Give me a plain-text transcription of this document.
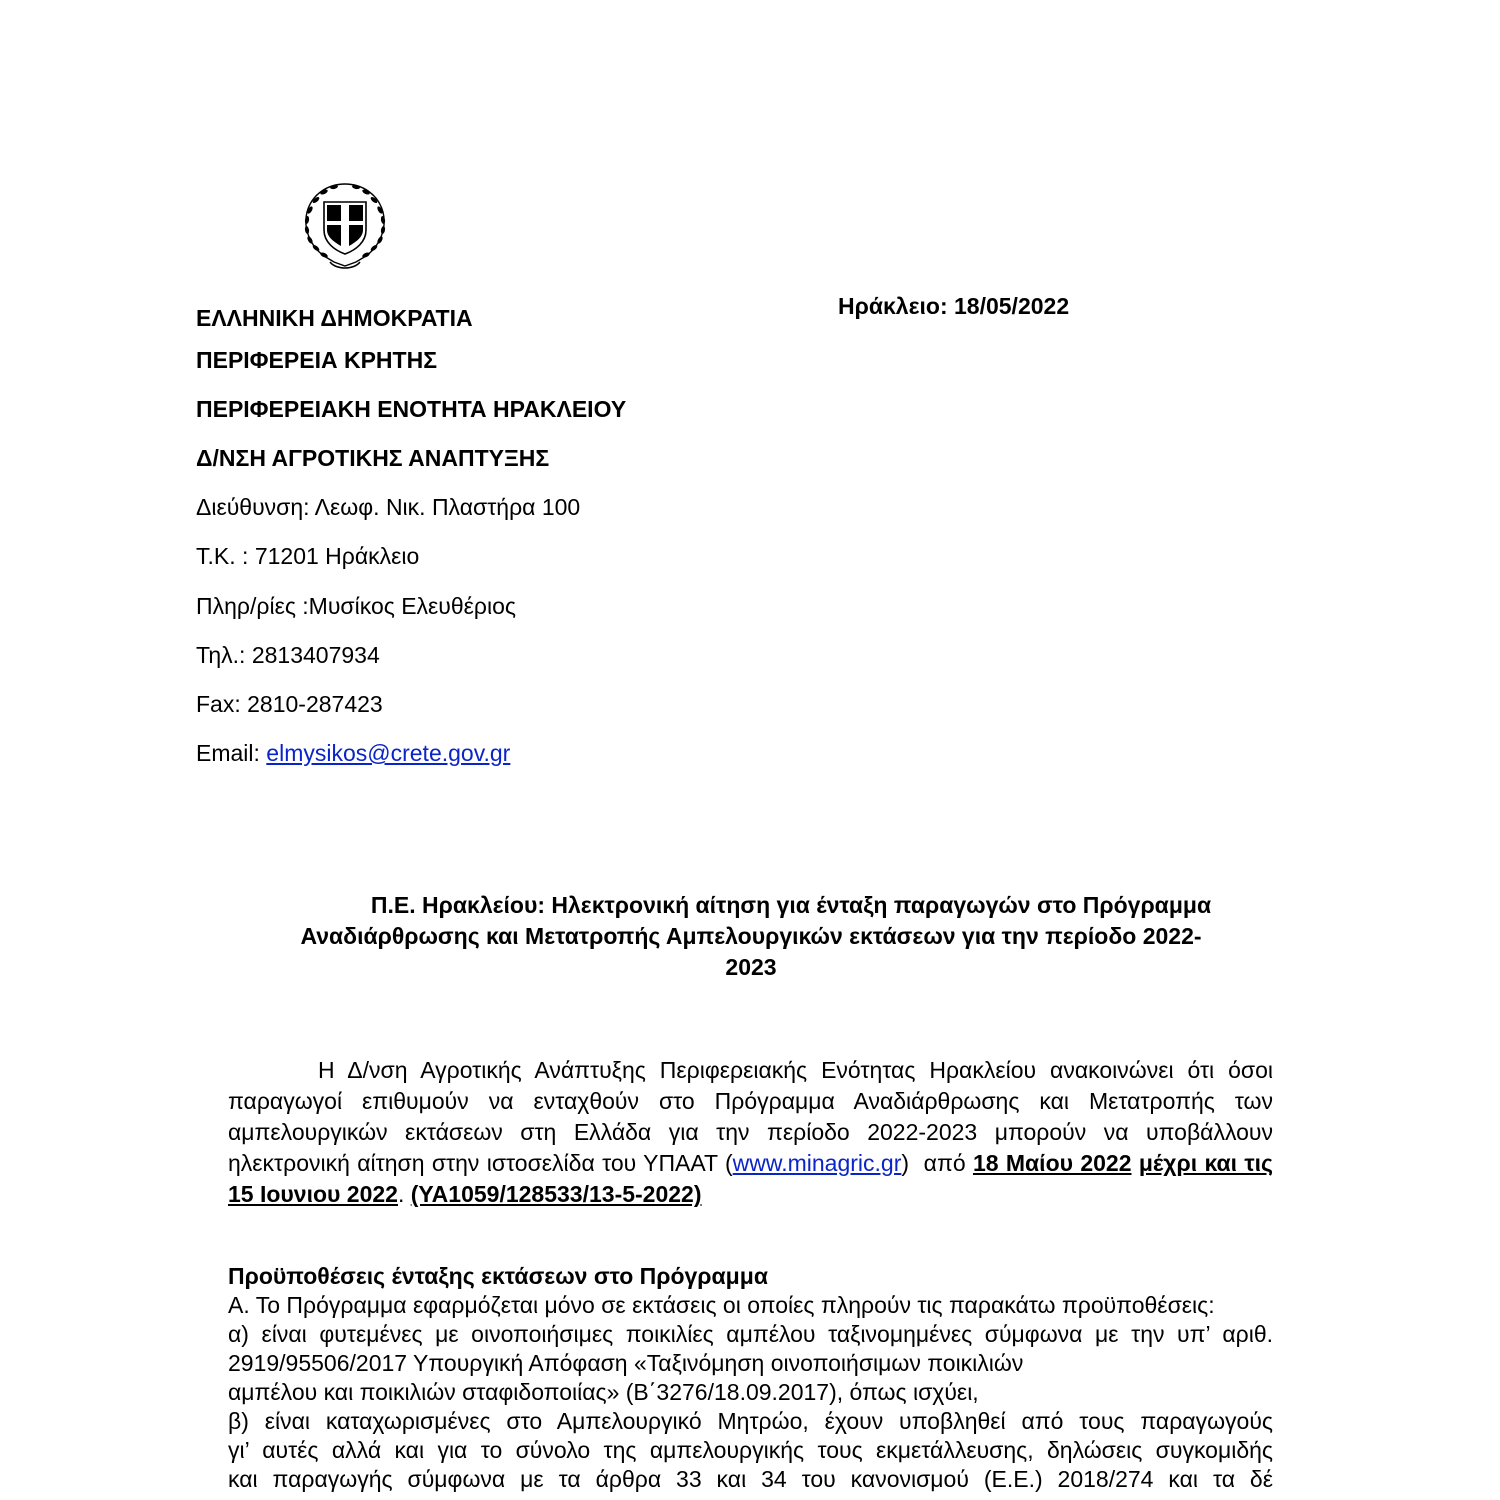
Ηράκλειο: 18/05/2022
ΕΛΛΗΝΙΚΗ ΔΗΜΟΚΡΑΤΙΑ
ΠΕΡΙΦΕΡΕΙΑ ΚΡΗΤΗΣ
ΠΕΡΙΦΕΡΕΙΑΚΗ ΕΝΟΤΗΤΑ ΗΡΑΚΛΕΙΟΥ
Δ/ΝΣΗ ΑΓΡΟΤΙΚΗΣ ΑΝΑΠΤΥΞΗΣ
Διεύθυνση: Λεωφ. Νικ. Πλαστήρα 100
Τ.Κ. : 71201 Ηράκλειο
Πληρ/ρίες :Μυσίκος Ελευθέριος
Τηλ.: 2813407934
Fax: 2810-287423
Email: elmysikos@crete.gov.gr
Π.Ε. Ηρακλείου: Ηλεκτρονική αίτηση για ένταξη παραγωγών στο Πρόγραμμα
Αναδιάρθρωσης και Μετατροπής Αμπελουργικών εκτάσεων για την περίοδο 2022-
2023
Η Δ/νση Αγροτικής Ανάπτυξης Περιφερειακής Ενότητας Ηρακλείου ανακοινώνει ότι όσοι παραγωγοί επιθυμούν να ενταχθούν στο Πρόγραμμα Αναδιάρθρωσης και Μετατροπής των αμπελουργικών εκτάσεων στη Ελλάδα για την περίοδο 2022-2023 μπορούν να υποβάλλουν ηλεκτρονική αίτηση στην ιστοσελίδα του ΥΠΑΑΤ (www.minagric.gr)  από 18 Μαίου 2022 μέχρι και τις 15 Ιουνιου 2022. (ΥΑ1059/128533/13-5-2022)

Προϋποθέσεις ένταξης εκτάσεων στο Πρόγραμμα

Α. Το Πρόγραμμα εφαρμόζεται μόνο σε εκτάσεις οι οποίες πληρούν τις παρακάτω προϋποθέσεις:

α) είναι φυτεμένες με οινοποιήσιμες ποικιλίες αμπέλου ταξινομημένες σύμφωνα με την υπ’ αριθ.

2919/95506/2017 Υπουργική Απόφαση «Ταξινόμηση οινοποιήσιμων ποικιλιών

αμπέλου και ποικιλιών σταφιδοποιίας» (Β΄3276/18.09.2017), όπως ισχύει,

β) είναι καταχωρισμένες στο Αμπελουργικό Μητρώο, έχουν υποβληθεί από τους παραγωγούς

γι’ αυτές αλλά και για το σύνολο της αμπελουργικής τους εκμετάλλευσης, δηλώσεις συγκομιδής

και παραγωγής σύμφωνα με τα άρθρα 33 και 34 του κανονισμού (Ε.Ε.) 2018/274 και τα δέ
